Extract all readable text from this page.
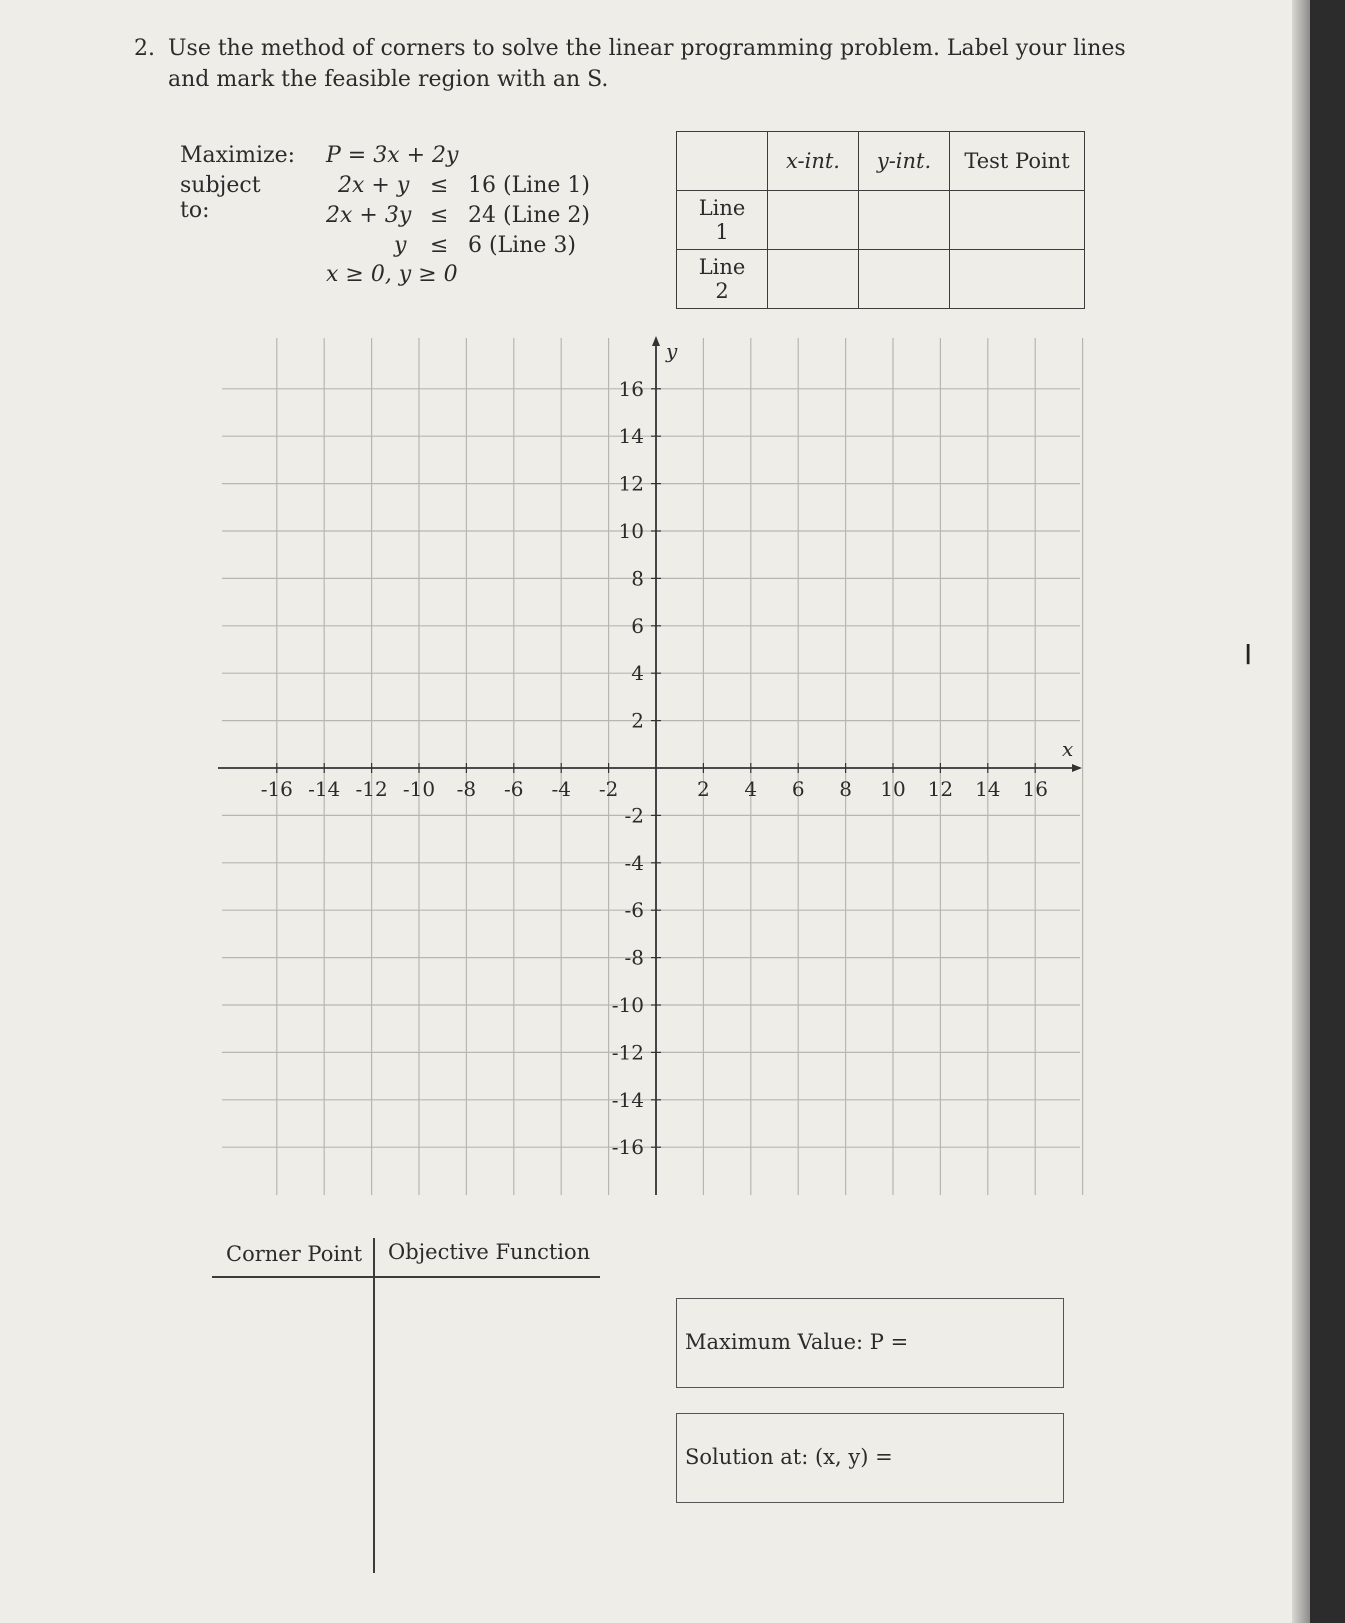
2. Use the method of corners to solve the linear programming problem. Label your lines and mark the feasible region with an S.
Maximize:
subject to:
P = 3x + 2y
2x + y ≤ 16 (Line 1)
2x + 3y ≤ 24 (Line 2)
y ≤ 6 (Line 3)
x ≥ 0, y ≥ 0
	x-int.	y-int.	Test Point
Line 1			
Line 2			
x
y
-16 -14 -12 -10 -8 -6 -4 -2	2 4 6 8 10 12 14 16
16
14
12
10
8
6
4
2
-2
-4
-6
-8
-10
-12
-14
-16
Corner Point Objective Function
Maximum Value: P =
Solution at: (x, y) =
I
